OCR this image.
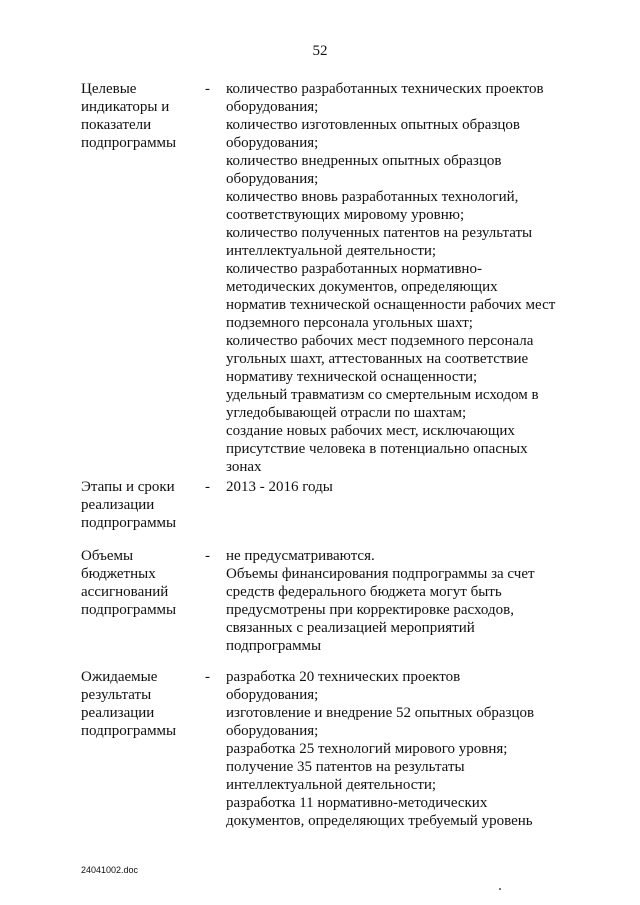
52
Целевые
индикаторы и
показатели
подпрограммы
- количество разработанных технических проектов
оборудования;
количество изготовленных опытных образцов
оборудования;
количество внедренных опытных образцов
оборудования;
количество вновь разработанных технологий,
соответствующих мировому уровню;
количество полученных патентов на результаты
интеллектуальной деятельности;
количество разработанных нормативно-
методических документов, определяющих
норматив технической оснащенности рабочих мест
подземного персонала угольных шахт;
количество рабочих мест подземного персонала
угольных шахт, аттестованных на соответствие
нормативу технической оснащенности;
удельный травматизм со смертельным исходом в
угледобывающей отрасли по шахтам;
создание новых рабочих мест, исключающих
присутствие человека в потенциально опасных
зонах
Этапы и сроки
реализации
подпрограммы
- 2013 - 2016 годы
Объемы
бюджетных
ассигнований
подпрограммы
- не предусматриваются.
Объемы финансирования подпрограммы за счет
средств федерального бюджета могут быть
предусмотрены при корректировке расходов,
связанных с реализацией мероприятий
подпрограммы
Ожидаемые
результаты
реализации
подпрограммы
- разработка 20 технических проектов
оборудования;
изготовление и внедрение 52 опытных образцов
оборудования;
разработка 25 технологий мирового уровня;
получение 35 патентов на результаты
интеллектуальной деятельности;
разработка 11 нормативно-методических
документов, определяющих требуемый уровень
24041002.doc
